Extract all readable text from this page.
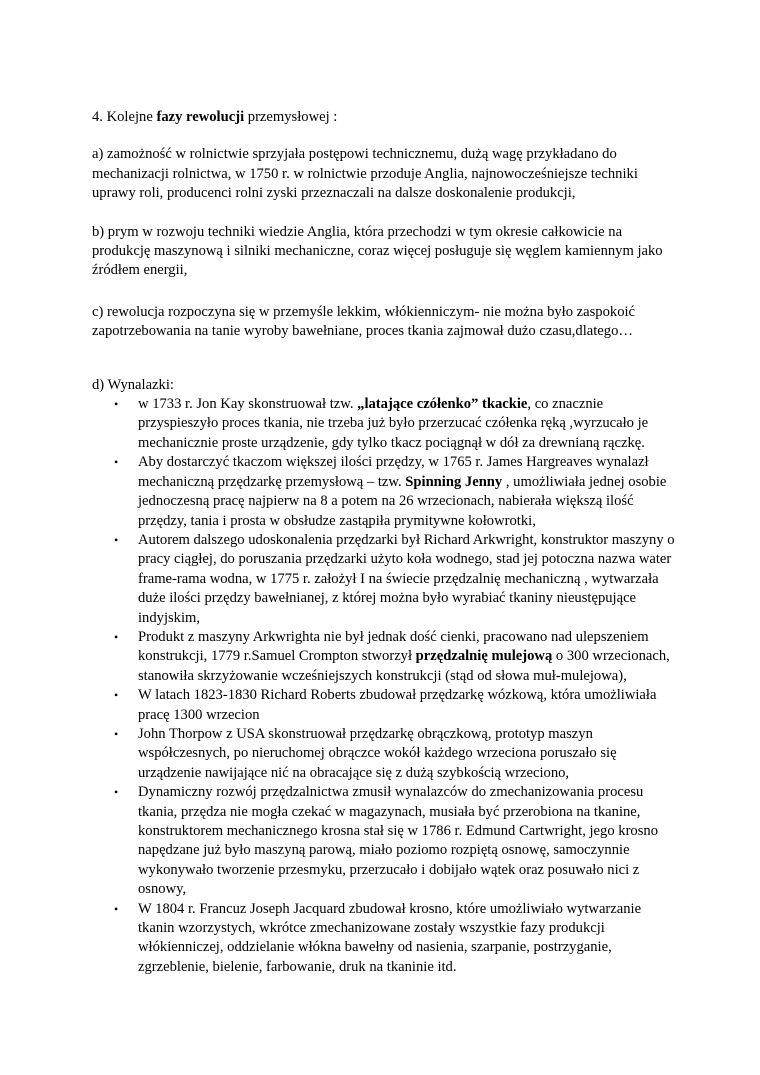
4. Kolejne fazy rewolucji przemysłowej :

a) zamożność w rolnictwie sprzyjała postępowi technicznemu, dużą wagę przykładano do mechanizacji rolnictwa, w 1750 r. w rolnictwie przoduje Anglia, najnowocześniejsze techniki uprawy roli, producenci rolni zyski przeznaczali na dalsze doskonalenie produkcji,

b) prym w rozwoju techniki wiedzie Anglia, która przechodzi w tym okresie całkowicie na produkcję maszynową i silniki mechaniczne, coraz więcej posługuje się węglem kamiennym jako źródłem energii,

c) rewolucja rozpoczyna się w przemyśle lekkim, włókienniczym- nie można było zaspokoić zapotrzebowania na tanie wyroby bawełniane, proces tkania zajmował dużo czasu,dlatego…

d) Wynalazki:

• w 1733 r. Jon Kay skonstruował tzw. „latające czółenko” tkackie, co znacznie przyspieszyło proces tkania, nie trzeba już było przerzucać czółenka ręką ,wyrzucało je mechanicznie proste urządzenie, gdy tylko tkacz pociągnął w dół za drewnianą rączkę.
• Aby dostarczyć tkaczom większej ilości przędzy, w 1765 r. James Hargreaves wynalazł mechaniczną przędzarkę przemysłową – tzw. Spinning Jenny , umożliwiała jednej osobie jednoczesną pracę najpierw na 8 a potem na 26 wrzecionach, nabierała większą ilość przędzy, tania i prosta w obsłudze zastąpiła prymitywne kołowrotki,
• Autorem dalszego udoskonalenia przędzarki był Richard Arkwright, konstruktor maszyny o pracy ciągłej, do poruszania przędzarki użyto koła wodnego, stad jej potoczna nazwa water frame-rama wodna, w 1775 r. założył I na świecie przędzalnię mechaniczną , wytwarzała duże ilości przędzy bawełnianej, z której można było wyrabiać tkaniny nieustępujące indyjskim,
• Produkt z maszyny Arkwrighta nie był jednak dość cienki, pracowano nad ulepszeniem konstrukcji, 1779 r.Samuel Crompton stworzył przędzalnię mulejową o 300 wrzecionach, stanowiła skrzyżowanie wcześniejszych konstrukcji (stąd od słowa muł-mulejowa),
• W latach 1823-1830 Richard Roberts zbudował przędzarkę wózkową, która umożliwiała pracę 1300 wrzecion
• John Thorpow z USA skonstruował przędzarkę obrączkową, prototyp maszyn współczesnych, po nieruchomej obrączce wokół każdego wrzeciona poruszało się urządzenie nawijające nić na obracające się z dużą szybkością wrzeciono,
• Dynamiczny rozwój przędzalnictwa zmusił wynalazców do zmechanizowania procesu tkania, przędza nie mogła czekać w magazynach, musiała być przerobiona na tkanine, konstruktorem mechanicznego krosna stał się w 1786 r. Edmund Cartwright, jego krosno napędzane już było maszyną parową, miało poziomo rozpiętą osnowę, samoczynnie wykonywało tworzenie przesmyku, przerzucało i dobijało wątek oraz posuwało nici z osnowy,
• W 1804 r. Francuz Joseph Jacquard zbudował krosno, które umożliwiało wytwarzanie tkanin wzorzystych, wkrótce zmechanizowane zostały wszystkie fazy produkcji włókienniczej, oddzielanie włókna bawełny od nasienia, szarpanie, postrzyganie, zgrzeblenie, bielenie, farbowanie, druk na tkaninie itd.
